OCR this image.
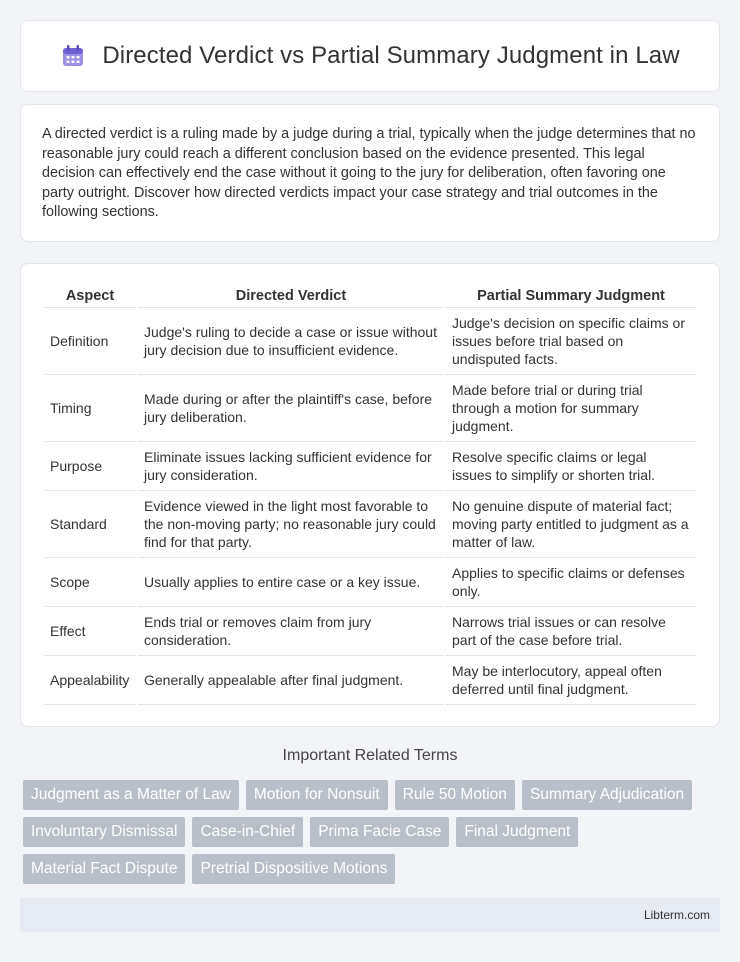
Directed Verdict vs Partial Summary Judgment in Law

A directed verdict is a ruling made by a judge during a trial, typically when the judge determines that no reasonable jury could reach a different conclusion based on the evidence presented. This legal decision can effectively end the case without it going to the jury for deliberation, often favoring one party outright. Discover how directed verdicts impact your case strategy and trial outcomes in the following sections.

Aspect	Directed Verdict	Partial Summary Judgment
Definition	Judge's ruling to decide a case or issue without jury decision due to insufficient evidence.	Judge's decision on specific claims or issues before trial based on undisputed facts.
Timing	Made during or after the plaintiff's case, before jury deliberation.	Made before trial or during trial through a motion for summary judgment.
Purpose	Eliminate issues lacking sufficient evidence for jury consideration.	Resolve specific claims or legal issues to simplify or shorten trial.
Standard	Evidence viewed in the light most favorable to the non-moving party; no reasonable jury could find for that party.	No genuine dispute of material fact; moving party entitled to judgment as a matter of law.
Scope	Usually applies to entire case or a key issue.	Applies to specific claims or defenses only.
Effect	Ends trial or removes claim from jury consideration.	Narrows trial issues or can resolve part of the case before trial.
Appealability	Generally appealable after final judgment.	May be interlocutory, appeal often deferred until final judgment.
Important Related Terms
Judgment as a Matter of Law	Motion for Nonsuit	Rule 50 Motion	Summary Adjudication
Involuntary Dismissal	Case-in-Chief	Prima Facie Case	Final Judgment
Material Fact Dispute	Pretrial Dispositive Motions
Libterm.com
